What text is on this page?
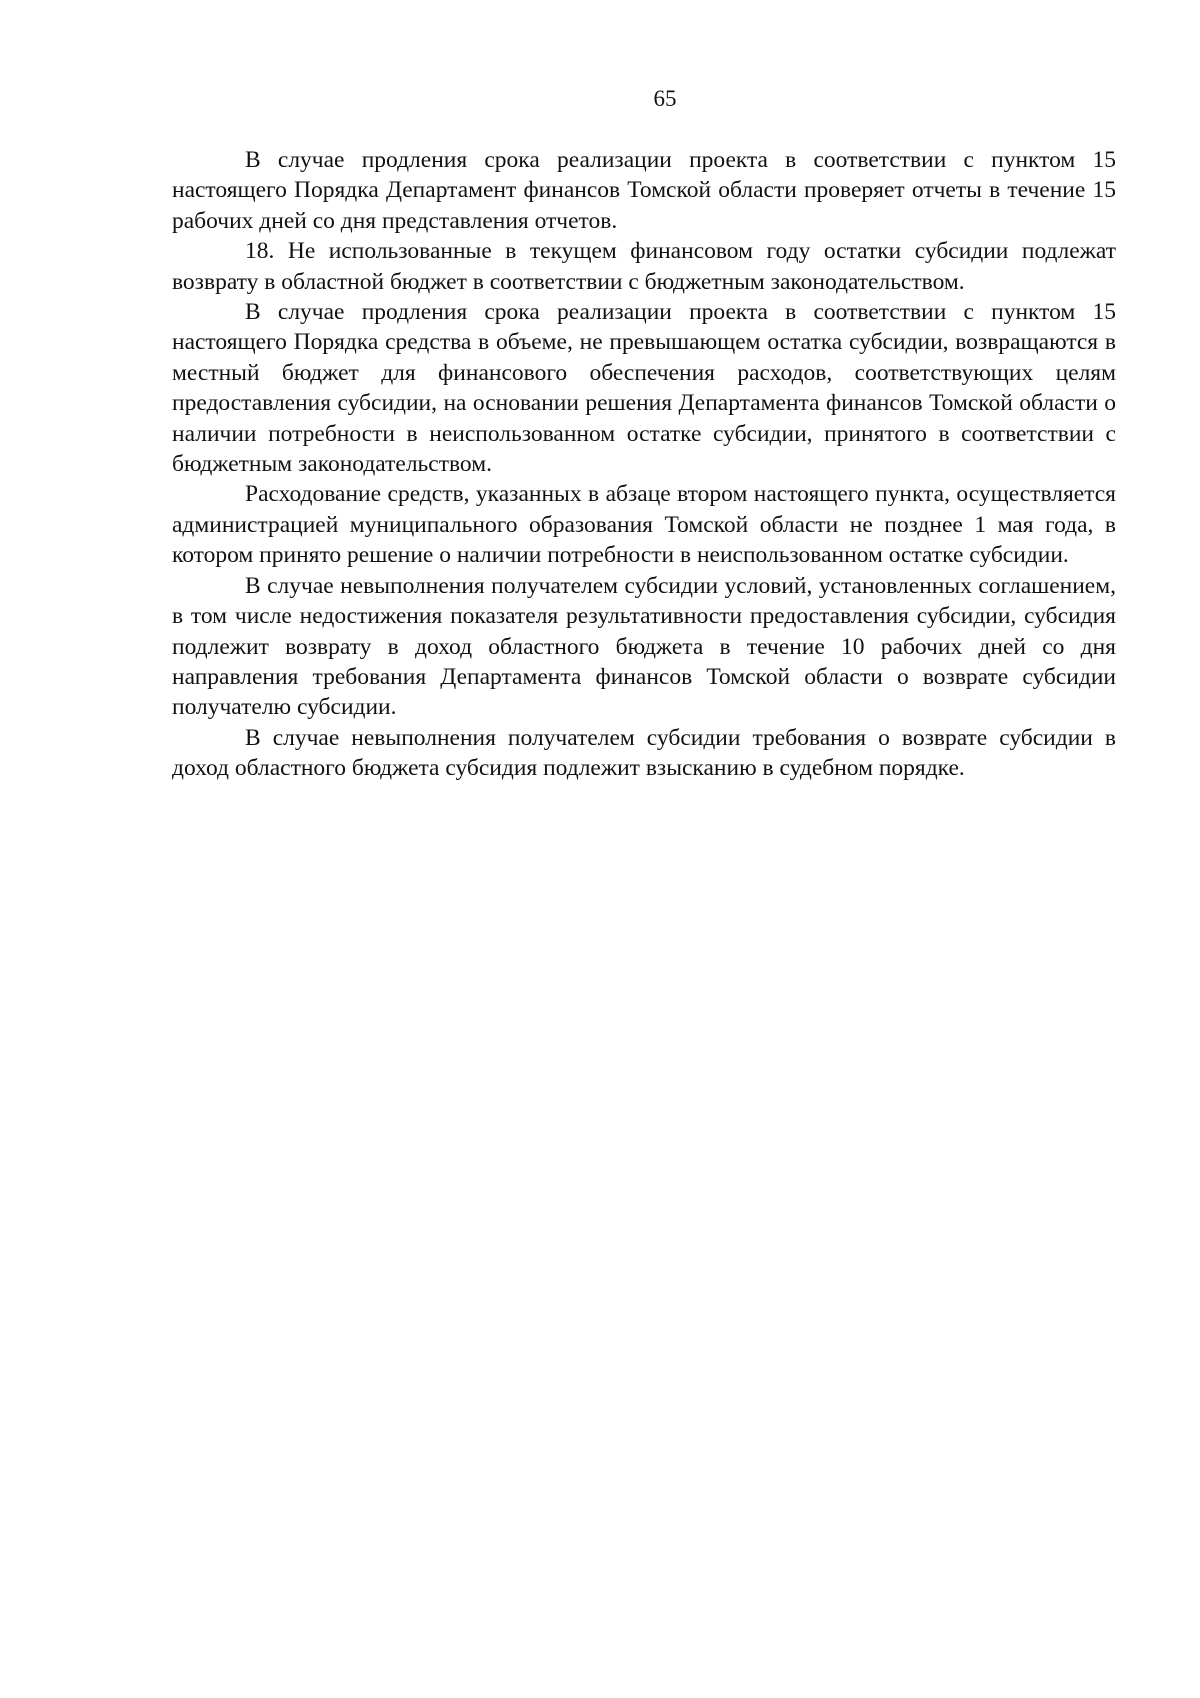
65

В случае продления срока реализации проекта в соответствии с пунктом 15 настоящего Порядка Департамент финансов Томской области проверяет отчеты в течение 15 рабочих дней со дня представления отчетов.

18. Не использованные в текущем финансовом году остатки субсидии подлежат возврату в областной бюджет в соответствии с бюджетным законодательством.

В случае продления срока реализации проекта в соответствии с пунктом 15 настоящего Порядка средства в объеме, не превышающем остатка субсидии, возвращаются в местный бюджет для финансового обеспечения расходов, соответствующих целям предоставления субсидии, на основании решения Департамента финансов Томской области о наличии потребности в неиспользованном остатке субсидии, принятого в соответствии с бюджетным законодательством.

Расходование средств, указанных в абзаце втором настоящего пункта, осуществляется администрацией муниципального образования Томской области не позднее 1 мая года, в котором принято решение о наличии потребности в неиспользованном остатке субсидии.

В случае невыполнения получателем субсидии условий, установленных соглашением, в том числе недостижения показателя результативности предоставления субсидии, субсидия подлежит возврату в доход областного бюджета в течение 10 рабочих дней со дня направления требования Департамента финансов Томской области о возврате субсидии получателю субсидии.

В случае невыполнения получателем субсидии требования о возврате субсидии в доход областного бюджета субсидия подлежит взысканию в судебном порядке.
